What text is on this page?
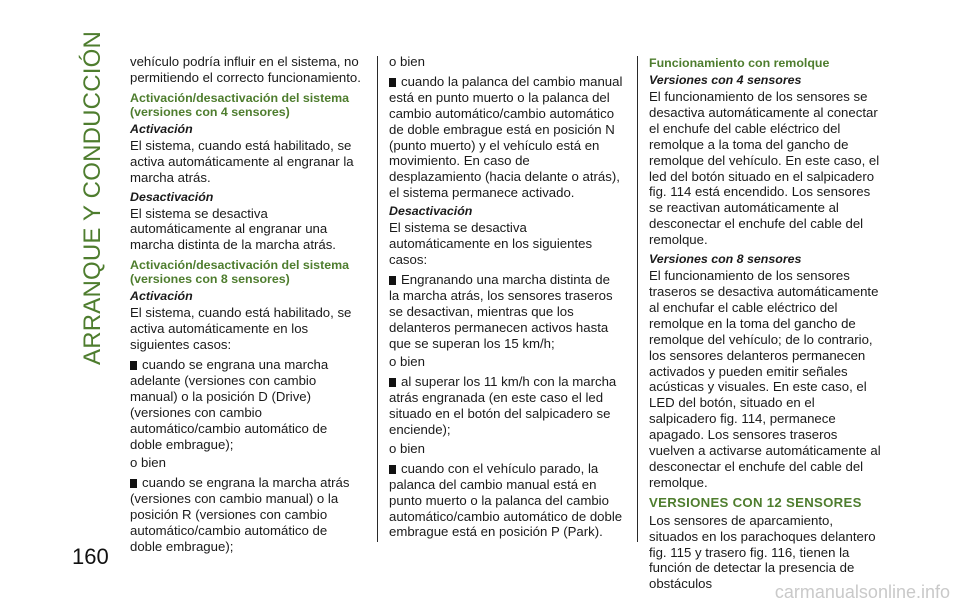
ARRANQUE Y CONDUCCIÓN
160

vehículo podría influir en el sistema, no permitiendo el correcto funcionamiento.

Activación/desactivación del sistema (versiones con 4 sensores)
Activación

El sistema, cuando está habilitado, se activa automáticamente al engranar la marcha atrás.

Desactivación

El sistema se desactiva automáticamente al engranar una marcha distinta de la marcha atrás.

Activación/desactivación del sistema (versiones con 8 sensores)
Activación

El sistema, cuando está habilitado, se activa automáticamente en los siguientes casos:

cuando se engrana una marcha adelante (versiones con cambio manual) o la posición D (Drive) (versiones con cambio automático/cambio automático de doble embrague);

o bien

cuando se engrana la marcha atrás (versiones con cambio manual) o la posición R (versiones con cambio automático/cambio automático de doble embrague);

o bien

cuando la palanca del cambio manual está en punto muerto o la palanca del cambio automático/cambio automático de doble embrague está en posición N (punto muerto) y el vehículo está en movimiento. En caso de desplazamiento (hacia delante o atrás), el sistema permanece activado.

Desactivación

El sistema se desactiva automáticamente en los siguientes casos:

Engranando una marcha distinta de la marcha atrás, los sensores traseros se desactivan, mientras que los delanteros permanecen activos hasta que se superan los 15 km/h;

o bien

al superar los 11 km/h con la marcha atrás engranada (en este caso el led situado en el botón del salpicadero se enciende);

o bien

cuando con el vehículo parado, la palanca del cambio manual está en punto muerto o la palanca del cambio automático/cambio automático de doble embrague está en posición P (Park).

Funcionamiento con remolque
Versiones con 4 sensores

El funcionamiento de los sensores se desactiva automáticamente al conectar el enchufe del cable eléctrico del remolque a la toma del gancho de remolque del vehículo. En este caso, el led del botón situado en el salpicadero fig. 114 está encendido. Los sensores se reactivan automáticamente al desconectar el enchufe del cable del remolque.

Versiones con 8 sensores

El funcionamiento de los sensores traseros se desactiva automáticamente al enchufar el cable eléctrico del remolque en la toma del gancho de remolque del vehículo; de lo contrario, los sensores delanteros permanecen activados y pueden emitir señales acústicas y visuales. En este caso, el LED del botón, situado en el salpicadero fig. 114, permanece apagado. Los sensores traseros vuelven a activarse automáticamente al desconectar el enchufe del cable del remolque.

VERSIONES CON 12 SENSORES

Los sensores de aparcamiento, situados en los parachoques delantero fig. 115 y trasero fig. 116, tienen la función de detectar la presencia de obstáculos	carmanualsonline.info
